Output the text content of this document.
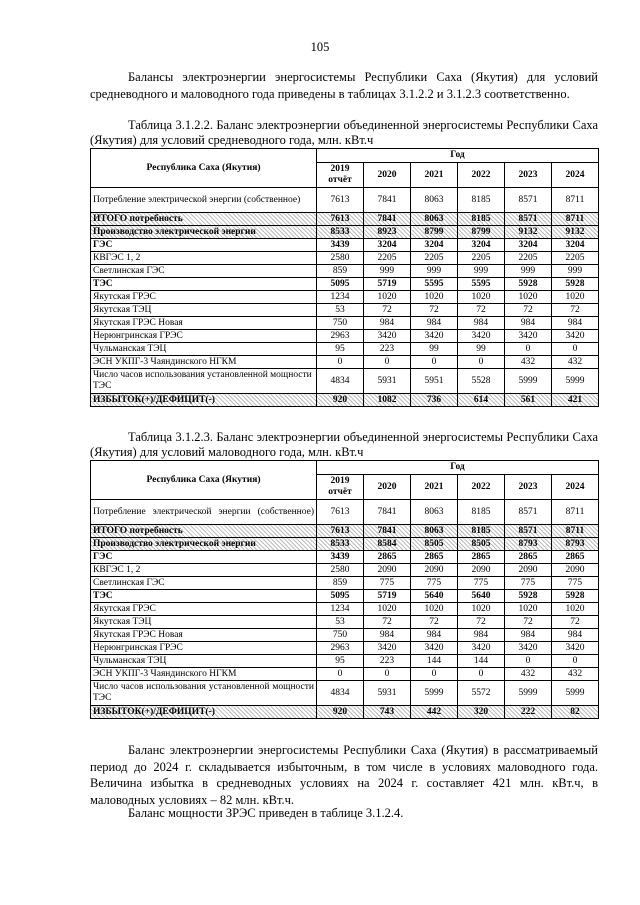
105

Балансы электроэнергии энергосистемы Республики Саха (Якутия) для условий средневодного и маловодного года приведены в таблицах 3.1.2.2 и 3.1.2.3 соответственно.

Таблица 3.1.2.2. Баланс электроэнергии объединенной энергосистемы Республики Саха (Якутия) для условий средневодного года, млн. кВт.ч

Республика Саха (Якутия)	Год					
	2019 отчёт	2020	2021	2022	2023	2024
Потребление электрической энергии (собственное)	7613	7841	8063	8185	8571	8711
ИТОГО потребность	7613	7841	8063	8185	8571	8711
Производство электрической энергии	8533	8923	8799	8799	9132	9132
ГЭС	3439	3204	3204	3204	3204	3204
КВГЭС 1, 2	2580	2205	2205	2205	2205	2205
Светлинская ГЭС	859	999	999	999	999	999
ТЭС	5095	5719	5595	5595	5928	5928
Якутская ГРЭС	1234	1020	1020	1020	1020	1020
Якутская ТЭЦ	53	72	72	72	72	72
Якутская ГРЭС Новая	750	984	984	984	984	984
Нерюнгринская ГРЭС	2963	3420	3420	3420	3420	3420
Чульманская ТЭЦ	95	223	99	99	0	0
ЭСН УКПГ-3 Чаяндинского НГКМ	0	0	0	0	432	432
Число часов использования установленной мощности ТЭС	4834	5931	5951	5528	5999	5999
ИЗБЫТОК(+)/ДЕФИЦИТ(-)	920	1082	736	614	561	421

Таблица 3.1.2.3. Баланс электроэнергии объединенной энергосистемы Республики Саха (Якутия) для условий маловодного года, млн. кВт.ч

Республика Саха (Якутия)	Год					
	2019 отчёт	2020	2021	2022	2023	2024
Потребление электрической энергии (собственное)	7613	7841	8063	8185	8571	8711
ИТОГО потребность	7613	7841	8063	8185	8571	8711
Производство электрической энергии	8533	8584	8505	8505	8793	8793
ГЭС	3439	2865	2865	2865	2865	2865
КВГЭС 1, 2	2580	2090	2090	2090	2090	2090
Светлинская ГЭС	859	775	775	775	775	775
ТЭС	5095	5719	5640	5640	5928	5928
Якутская ГРЭС	1234	1020	1020	1020	1020	1020
Якутская ТЭЦ	53	72	72	72	72	72
Якутская ГРЭС Новая	750	984	984	984	984	984
Нерюнгринская ГРЭС	2963	3420	3420	3420	3420	3420
Чульманская ТЭЦ	95	223	144	144	0	0
ЭСН УКПГ-3 Чаяндинского НГКМ	0	0	0	0	432	432
Число часов использования установленной мощности ТЭС	4834	5931	5999	5572	5999	5999
ИЗБЫТОК(+)/ДЕФИЦИТ(-)	920	743	442	320	222	82

Баланс электроэнергии энергосистемы Республики Саха (Якутия) в рассматриваемый период до 2024 г. складывается избыточным, в том числе в условиях маловодного года. Величина избытка в средневодных условиях на 2024 г. составляет 421 млн. кВт.ч, в маловодных условиях – 82 млн. кВт.ч.

Баланс мощности ЗРЭС приведен в таблице 3.1.2.4.
